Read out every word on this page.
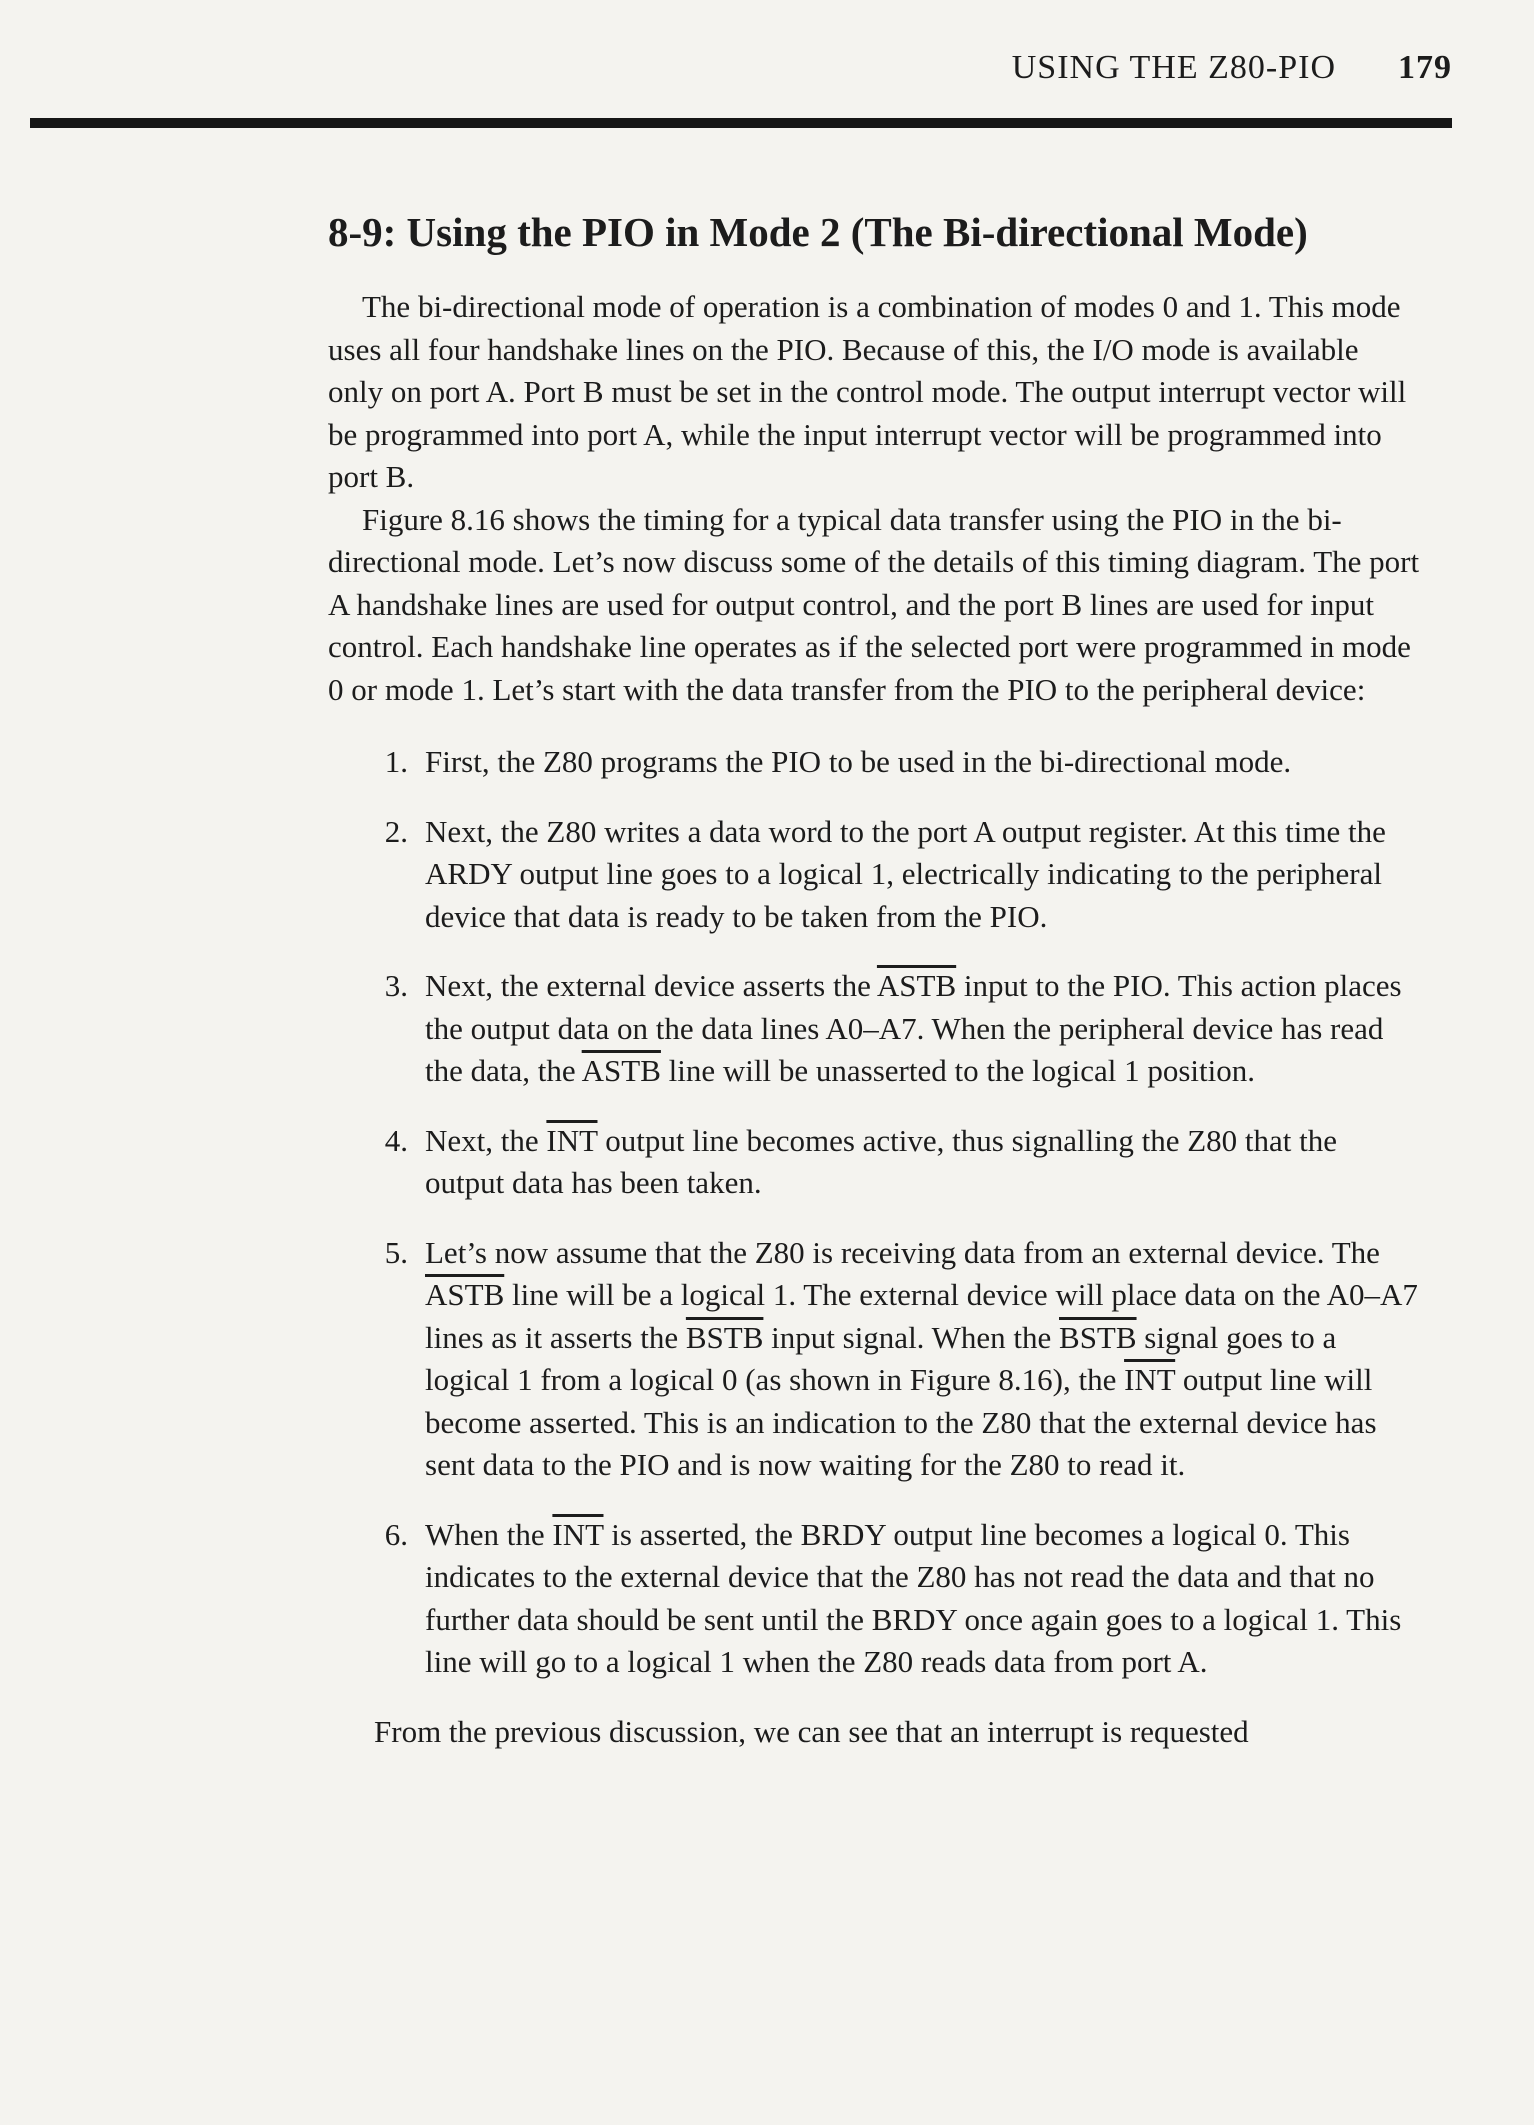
USING THE Z80-PIO 179
8-9: Using the PIO in Mode 2 (The Bi-directional Mode)

The bi-directional mode of operation is a combination of modes 0 and 1. This mode uses all four handshake lines on the PIO. Because of this, the I/O mode is available only on port A. Port B must be set in the control mode. The output interrupt vector will be programmed into port A, while the input interrupt vector will be programmed into port B.

Figure 8.16 shows the timing for a typical data transfer using the PIO in the bi-directional mode. Let’s now discuss some of the details of this timing diagram. The port A handshake lines are used for output control, and the port B lines are used for input control. Each handshake line operates as if the selected port were programmed in mode 0 or mode 1. Let’s start with the data transfer from the PIO to the peripheral device:

1. First, the Z80 programs the PIO to be used in the bi-directional mode.
2. Next, the Z80 writes a data word to the port A output register. At this time the ARDY output line goes to a logical 1, electrically indicating to the peripheral device that data is ready to be taken from the PIO.
3. Next, the external device asserts the ASTB input to the PIO. This action places the output data on the data lines A0–A7. When the peripheral device has read the data, the ASTB line will be unasserted to the logical 1 position.
4. Next, the $\overline{INT}$ output line becomes active, thus signalling the Z80 that the output data has been taken.
5. Let’s now assume that the Z80 is receiving data from an external device. The ASTB line will be a logical 1. The external device will place data on the A0–A7 lines as it asserts the BSTB input signal. When the BSTB signal goes to a logical 1 from a logical 0 (as shown in Figure 8.16), the $\overline{INT}$ output line will become asserted. This is an indication to the Z80 that the external device has sent data to the PIO and is now waiting for the Z80 to read it.
6. When the $\overline{INT}$ is asserted, the BRDY output line becomes a logical 0. This indicates to the external device that the Z80 has not read the data and that no further data should be sent until the BRDY once again goes to a logical 1. This line will go to a logical 1 when the Z80 reads data from port A.

From the previous discussion, we can see that an interrupt is requested
